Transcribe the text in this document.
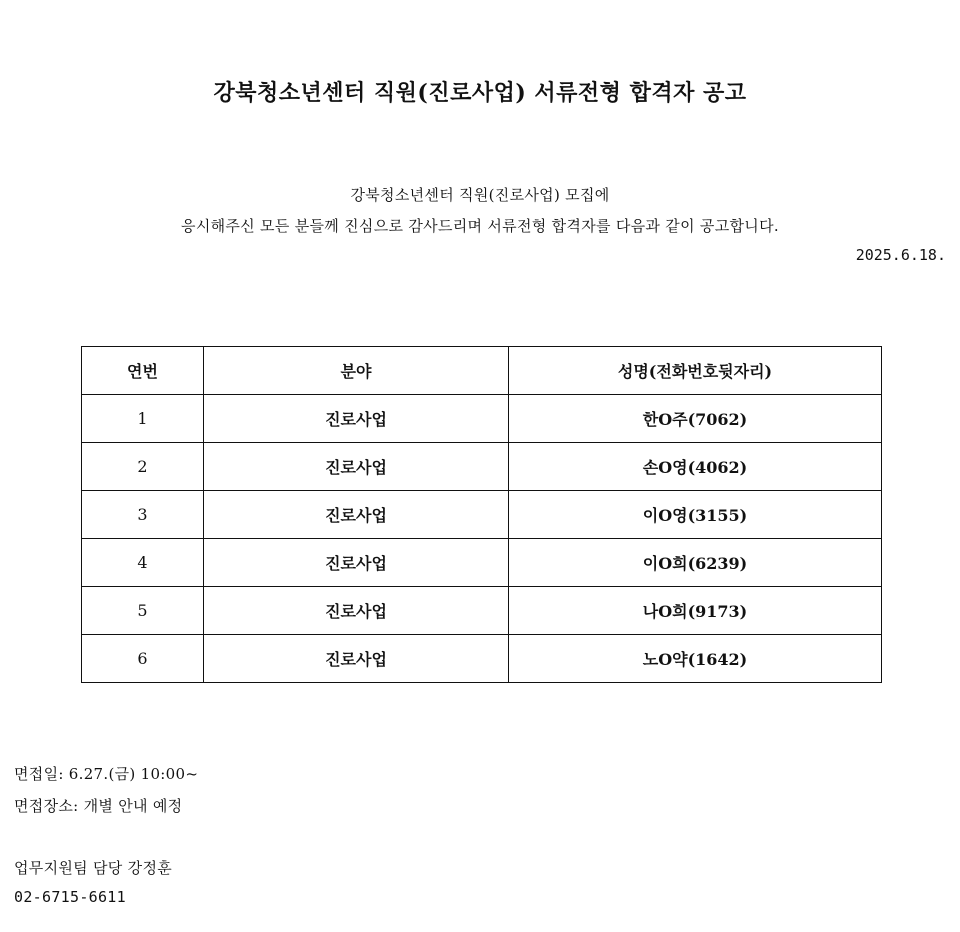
강북청소년센터 직원(진로사업) 서류전형 합격자 공고
강북청소년센터 직원(진로사업) 모집에
응시해주신 모든 분들께 진심으로 감사드리며 서류전형 합격자를 다음과 같이 공고합니다.
2025.6.18.
연번	분야	성명(전화번호뒷자리)
1	진로사업	한O주(7062)
2	진로사업	손O영(4062)
3	진로사업	이O영(3155)
4	진로사업	이O희(6239)
5	진로사업	나O희(9173)
6	진로사업	노O약(1642)
면접일: 6.27.(금) 10:00~
면접장소: 개별 안내 예정
업무지원팀 담당 강정훈
02-6715-6611
